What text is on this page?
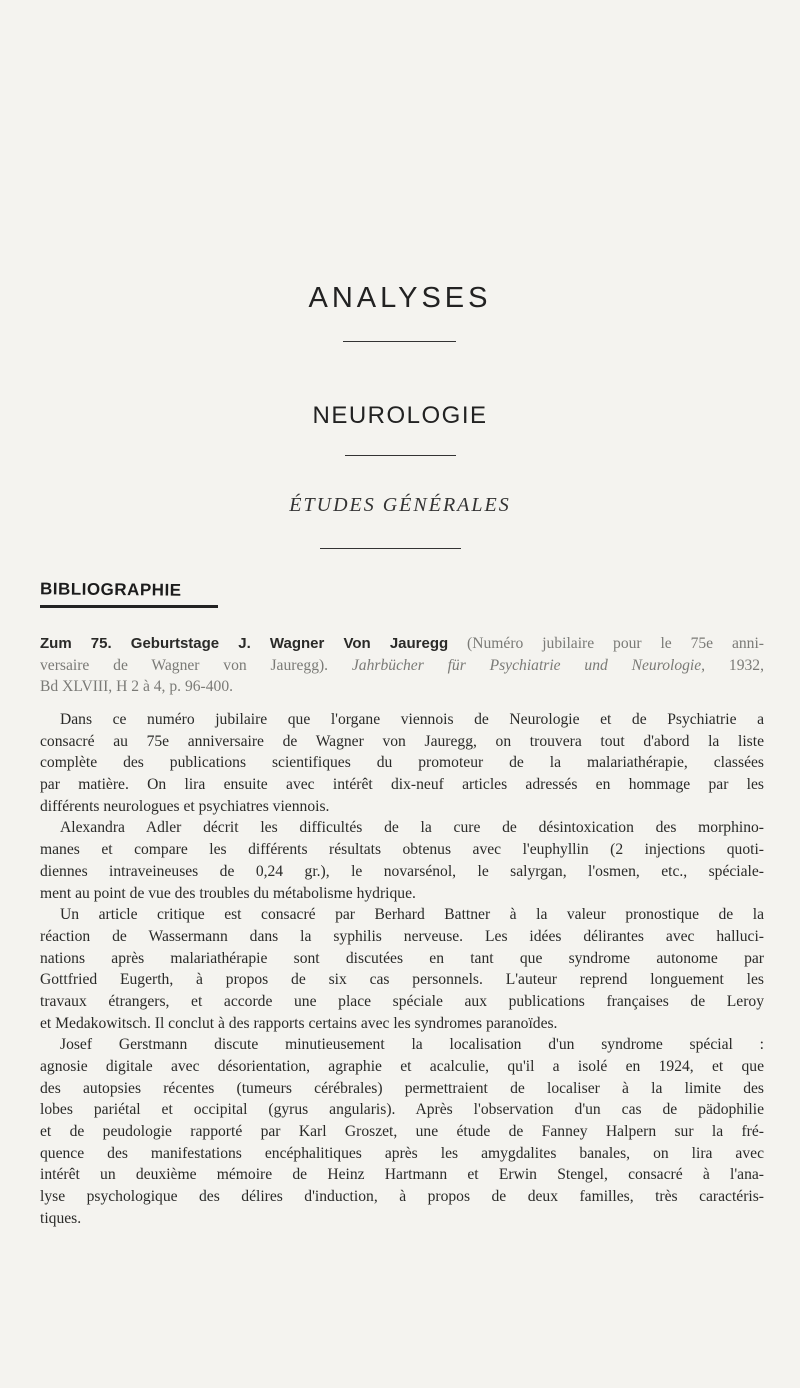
ANALYSES
NEUROLOGIE
ÉTUDES GÉNÉRALES
BIBLIOGRAPHIE
Zum 75. Geburtstage J. Wagner Von Jauregg (Numéro jubilaire pour le 75e anni-
versaire de Wagner von Jauregg). Jahrbücher für Psychiatrie und Neurologie, 1932,
Bd XLVIII, H 2 à 4, p. 96-400.
Dans ce numéro jubilaire que l'organe viennois de Neurologie et de Psychiatrie a
consacré au 75e anniversaire de Wagner von Jauregg, on trouvera tout d'abord la liste
complète des publications scientifiques du promoteur de la malariathérapie, classées
par matière. On lira ensuite avec intérêt dix-neuf articles adressés en hommage par les
différents neurologues et psychiatres viennois.
Alexandra Adler décrit les difficultés de la cure de désintoxication des morphino-
manes et compare les différents résultats obtenus avec l'euphyllin (2 injections quoti-
diennes intraveineuses de 0,24 gr.), le novarsénol, le salyrgan, l'osmen, etc., spéciale-
ment au point de vue des troubles du métabolisme hydrique.
Un article critique est consacré par Berhard Battner à la valeur pronostique de la
réaction de Wassermann dans la syphilis nerveuse. Les idées délirantes avec halluci-
nations après malariathérapie sont discutées en tant que syndrome autonome par
Gottfried Eugerth, à propos de six cas personnels. L'auteur reprend longuement les
travaux étrangers, et accorde une place spéciale aux publications françaises de Leroy
et Medakowitsch. Il conclut à des rapports certains avec les syndromes paranoïdes.
Josef Gerstmann discute minutieusement la localisation d'un syndrome spécial :
agnosie digitale avec désorientation, agraphie et acalculie, qu'il a isolé en 1924, et que
des autopsies récentes (tumeurs cérébrales) permettraient de localiser à la limite des
lobes pariétal et occipital (gyrus angularis). Après l'observation d'un cas de pädophilie
et de peudologie rapporté par Karl Groszet, une étude de Fanney Halpern sur la fré-
quence des manifestations encéphalitiques après les amygdalites banales, on lira avec
intérêt un deuxième mémoire de Heinz Hartmann et Erwin Stengel, consacré à l'ana-
lyse psychologique des délires d'induction, à propos de deux familles, très caractéris-
tiques.
